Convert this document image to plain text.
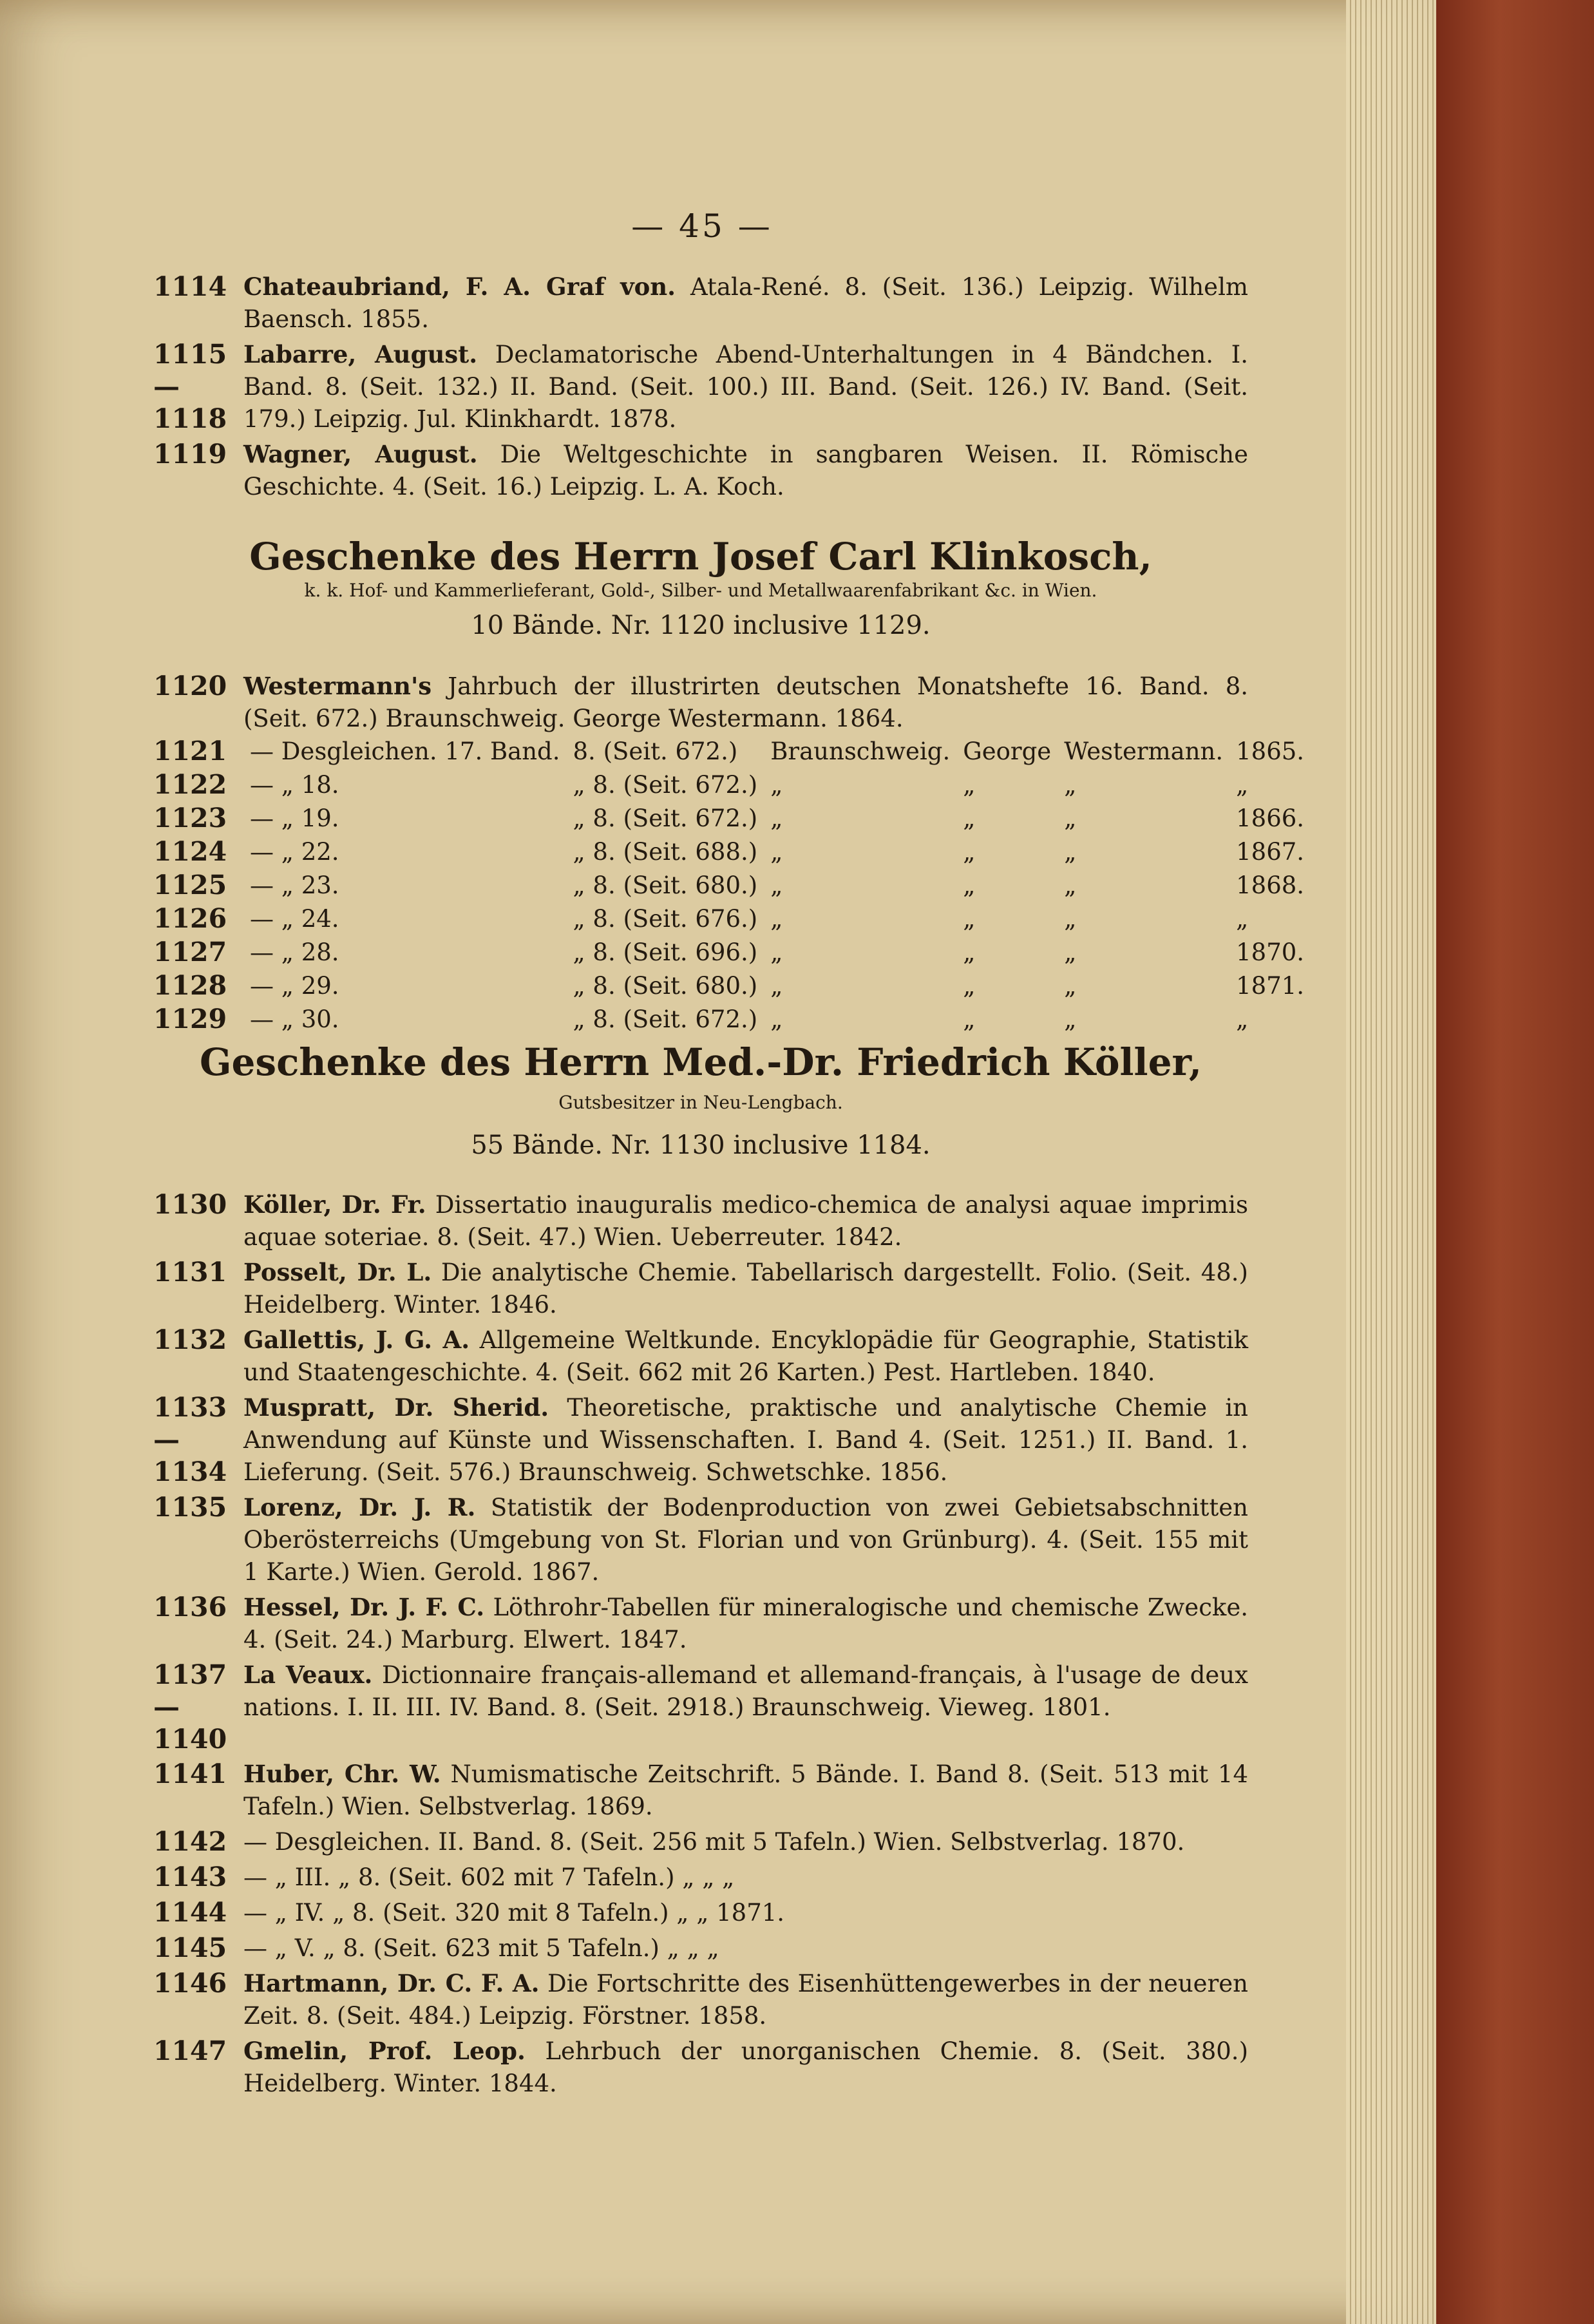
— 45 —
1114 Chateaubriand, F. A. Graf von. Atala-René. 8. (Seit. 136.) Leipzig. Wilhelm Baensch. 1855.
1115—1118
Labarre, August. Declamatorische Abend-Unterhaltungen in 4 Bändchen. I. Band. 8. (Seit. 132.) II. Band. (Seit. 100.) III. Band. (Seit. 126.) IV. Band. (Seit. 179.) Leipzig. Jul. Klinkhardt. 1878.
1119 Wagner, August. Die Weltgeschichte in sangbaren Weisen. II. Römische Geschichte. 4. (Seit. 16.) Leipzig. L. A. Koch.
Geschenke des Herrn Josef Carl Klinkosch,
k. k. Hof- und Kammerlieferant, Gold-, Silber- und Metallwaarenfabrikant &c. in Wien.
10 Bände. Nr. 1120 inclusive 1129.
1120 Westermann's Jahrbuch der illustrirten deutschen Monatshefte 16. Band. 8. (Seit. 672.) Braunschweig. George Westermann. 1864.
1121	— Desgleichen. 17. Band.	8. (Seit. 672.)	Braunschweig.	George	Westermann.	1865.
1122	— „ 18.	„ 8. (Seit. 672.)	„	„	„	„
1123	— „ 19.	„ 8. (Seit. 672.)	„	„	„	1866.
1124	— „ 22.	„ 8. (Seit. 688.)	„	„	„	1867.
1125	— „ 23.	„ 8. (Seit. 680.)	„	„	„	1868.
1126	— „ 24.	„ 8. (Seit. 676.)	„	„	„	„
1127	— „ 28.	„ 8. (Seit. 696.)	„	„	„	1870.
1128	— „ 29.	„ 8. (Seit. 680.)	„	„	„	1871.
1129	— „ 30.	„ 8. (Seit. 672.)	„	„	„	„
Geschenke des Herrn Med.-Dr. Friedrich Köller,
Gutsbesitzer in Neu-Lengbach.
55 Bände. Nr. 1130 inclusive 1184.
1130 Köller, Dr. Fr. Dissertatio inauguralis medico-chemica de analysi aquae imprimis aquae soteriae. 8. (Seit. 47.) Wien. Ueberreuter. 1842.
1131 Posselt, Dr. L. Die analytische Chemie. Tabellarisch dargestellt. Folio. (Seit. 48.) Heidelberg. Winter. 1846.
1132 Gallettis, J. G. A. Allgemeine Weltkunde. Encyklopädie für Geographie, Statistik und Staatengeschichte. 4. (Seit. 662 mit 26 Karten.) Pest. Hartleben. 1840.
1133—1134
Muspratt, Dr. Sherid. Theoretische, praktische und analytische Chemie in Anwendung auf Künste und Wissenschaften. I. Band 4. (Seit. 1251.) II. Band. 1. Lieferung. (Seit. 576.) Braunschweig. Schwetschke. 1856.
1135 Lorenz, Dr. J. R. Statistik der Bodenproduction von zwei Gebietsabschnitten Oberösterreichs (Umgebung von St. Florian und von Grünburg). 4. (Seit. 155 mit 1 Karte.) Wien. Gerold. 1867.
1136 Hessel, Dr. J. F. C. Löthrohr-Tabellen für mineralogische und chemische Zwecke. 4. (Seit. 24.) Marburg. Elwert. 1847.
1137—1140
La Veaux. Dictionnaire français-allemand et allemand-français, à l'usage de deux nations. I. II. III. IV. Band. 8. (Seit. 2918.) Braunschweig. Vieweg. 1801.
1141 Huber, Chr. W. Numismatische Zeitschrift. 5 Bände. I. Band 8. (Seit. 513 mit 14 Tafeln.) Wien. Selbstverlag. 1869.
1142 — Desgleichen. II. Band. 8. (Seit. 256 mit 5 Tafeln.) Wien. Selbstverlag. 1870.
1143 — „ III. „ 8. (Seit. 602 mit 7 Tafeln.) „ „ „
1144 — „ IV. „ 8. (Seit. 320 mit 8 Tafeln.) „ „ 1871.
1145 — „ V. „ 8. (Seit. 623 mit 5 Tafeln.) „ „ „
1146 Hartmann, Dr. C. F. A. Die Fortschritte des Eisenhüttengewerbes in der neueren Zeit. 8. (Seit. 484.) Leipzig. Förstner. 1858.
1147 Gmelin, Prof. Leop. Lehrbuch der unorganischen Chemie. 8. (Seit. 380.) Heidelberg. Winter. 1844.
